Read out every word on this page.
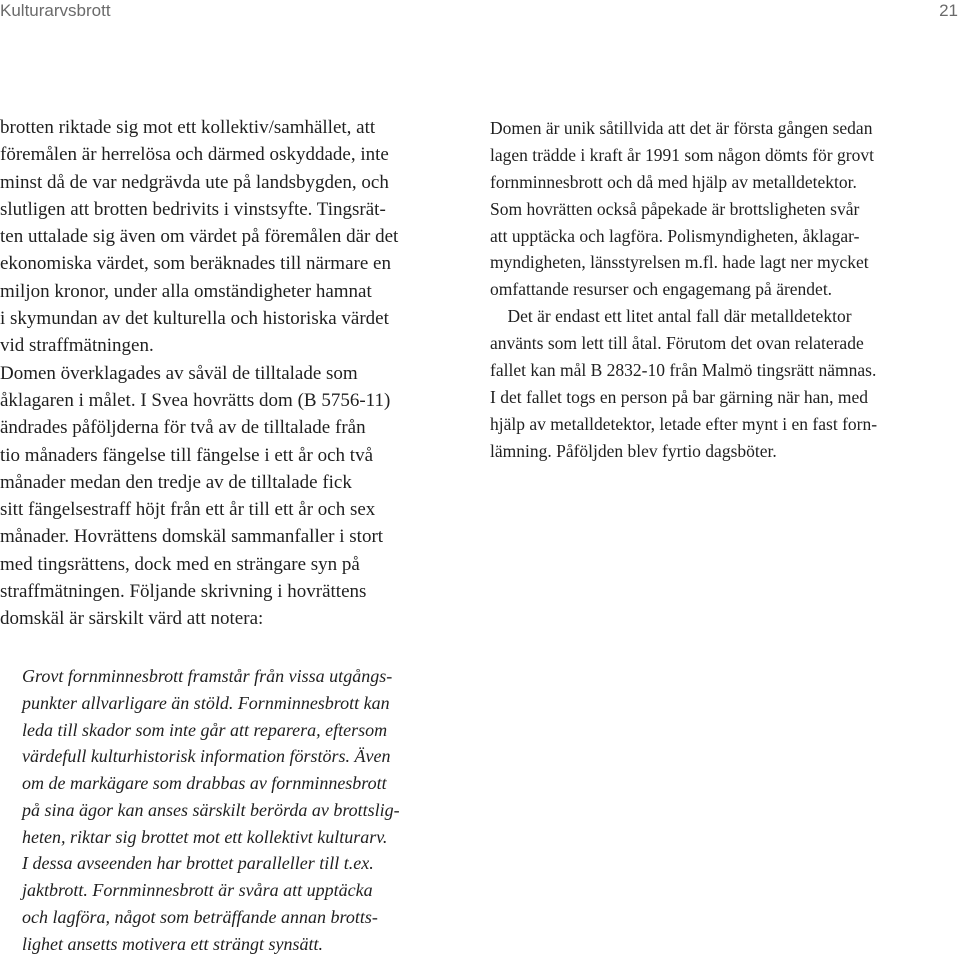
Kulturarvsbrott	21
brotten riktade sig mot ett kollektiv/samhället, att
föremålen är herrelösa och därmed oskyddade, inte
minst då de var nedgrävda ute på landsbygden, och
slutligen att brotten bedrivits i vinstsyfte. Tingsrät-
ten uttalade sig även om värdet på föremålen där det
ekonomiska värdet, som beräknades till närmare en
miljon kronor, under alla omständigheter hamnat
i skymundan av det kulturella och historiska värdet
vid straffmätningen.
Domen överklagades av såväl de tilltalade som
åklagaren i målet. I Svea hovrätts dom (B 5756-11)
ändrades påföljderna för två av de tilltalade från
tio månaders fängelse till fängelse i ett år och två
månader medan den tredje av de tilltalade fick
sitt fängelsestraff höjt från ett år till ett år och sex
månader. Hovrättens domskäl sammanfaller i stort
med tingsrättens, dock med en strängare syn på
straffmätningen. Följande skrivning i hovrättens
domskäl är särskilt värd att notera:
Grovt fornminnesbrott framstår från vissa utgångs-
punkter allvarligare än stöld. Fornminnesbrott kan
leda till skador som inte går att reparera, eftersom
värdefull kulturhistorisk information förstörs. Även
om de markägare som drabbas av fornminnesbrott
på sina ägor kan anses särskilt berörda av brottslig-
heten, riktar sig brottet mot ett kollektivt kulturarv.
I dessa avseenden har brottet paralleller till t.ex.
jaktbrott. Fornminnesbrott är svåra att upptäcka
och lagföra, något som beträffande annan brotts-
lighet ansetts motivera ett strängt synsätt.
Domen är unik såtillvida att det är första gången sedan
lagen trädde i kraft år 1991 som någon dömts för grovt
fornminnesbrott och då med hjälp av metalldetektor.
Som hovrätten också påpekade är brottsligheten svår
att upptäcka och lagföra. Polismyndigheten, åklagar-
myndigheten, länsstyrelsen m.fl. hade lagt ner mycket
omfattande resurser och engagemang på ärendet.
Det är endast ett litet antal fall där metalldetektor
använts som lett till åtal. Förutom det ovan relaterade
fallet kan mål B 2832-10 från Malmö tingsrätt nämnas.
I det fallet togs en person på bar gärning när han, med
hjälp av metalldetektor, letade efter mynt i en fast forn-
lämning. Påföljden blev fyrtio dagsböter.
